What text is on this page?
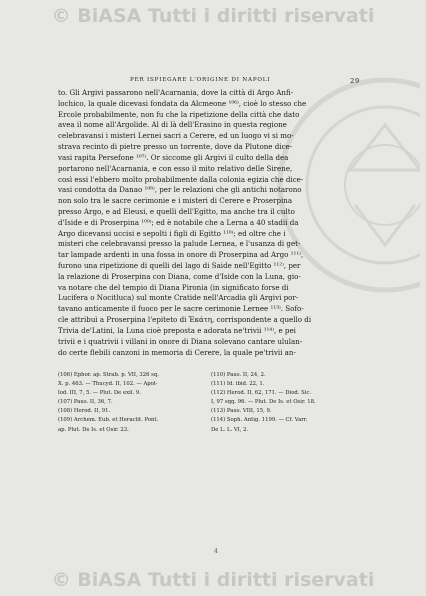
© BiASA Tutti i diritti riservati
PER ISPIEGARE L'ORIGINE DI NAPOLI	29
to. Gli Argivi passarono nell'Acarnania, dove la città di Argo Anfi-
lochico, la quale dicevasi fondata da Alcmeone ¹⁰⁶⁾, cioè lo stesso che
Ercole probabilmente, non fu che la ripetizione della città che dato
avea il nome all'Argolide. Al di là dell'Erasino in questa regione
celebravansi i misteri Lernei sacri a Cerere, ed un luogo vi si mo-
strava recinto di pietre presso un torrente, dove da Plutone dice-
vasi rapita Persefone ¹⁰⁷⁾. Or siccome gli Argivi il culto della dea
portarono nell'Acarnania, e con esso il mito relativo delle Sirene,
così essi l'ebbero molto probabilmente dalla colonia egizia che dice-
vasi condotta da Danao ¹⁰⁸⁾, per le relazioni che gli antichi notarono
non solo tra le sacre cerimonie e i misteri di Cerere e Proserpina
presso Argo, e ad Eleusi, e quelli dell'Egitto, ma anche tra il culto
d'Iside e di Proserpina ¹⁰⁹⁾; ed è notabile che a Lerna a 40 stadii da
Argo dicevansi uccisi e sepolti i figli di Egitto ¹¹⁰⁾; ed oltre che i
misteri che celebravansi presso la palude Lernea, e l'usanza di get-
tar lampade ardenti in una fossa in onore di Proserpina ad Argo ¹¹¹⁾,
furono una ripetizione di quelli del lago di Saide nell'Egitto ¹¹²⁾, per
la relazione di Proserpina con Diana, come d'Iside con la Luna, gio-
va notare che del tempio di Diana Pironia (in significato forse di
Lucifera o Nocitluca) sul monte Cratide nell'Arcadia gli Argivi por-
tavano anticamente il fuoco per le sacre cerimonie Lernee ¹¹³⁾. Sofo-
cle attribuì a Proserpina l'epiteto di Ἑκάτη, corrispondente a quello di
Trivia de'Latini, la Luna cioè preposta e adorata ne'trivii ¹¹⁴⁾, e pei
trivii e i quatrivii i villani in onore di Diana solevano cantare ululan-
do certe flebili canzoni in memoria di Cerere, la quale pe'trivii an-
(106) Ephor. ap. Strab. p. VII, 326 sq.
X. p. 463. — Thucyd. II, 102. — Apol-
lod. III, 7, 5. — Plut. De exil. 9.
(107) Paus. II, 36, 7.
(108) Herod. II, 91.
(109) Archem. Eub. et Heraclit. Pont.
ap. Plut. De Is. et Osir. 23.
(110) Paus. II, 24, 2.
(111) Id. ibid. 22, 1.
(112) Herod. II, 62, 171. — Diod. Sic.
I, 97 sqq. 96. — Plut. De Is. et Osir. 18.
(113) Paus. VIII, 15, 9.
(114) Soph. Antig. 1199. — Cf. Varr.
De L. L. VI, 2.
4
© BiASA Tutti i diritti riservati
